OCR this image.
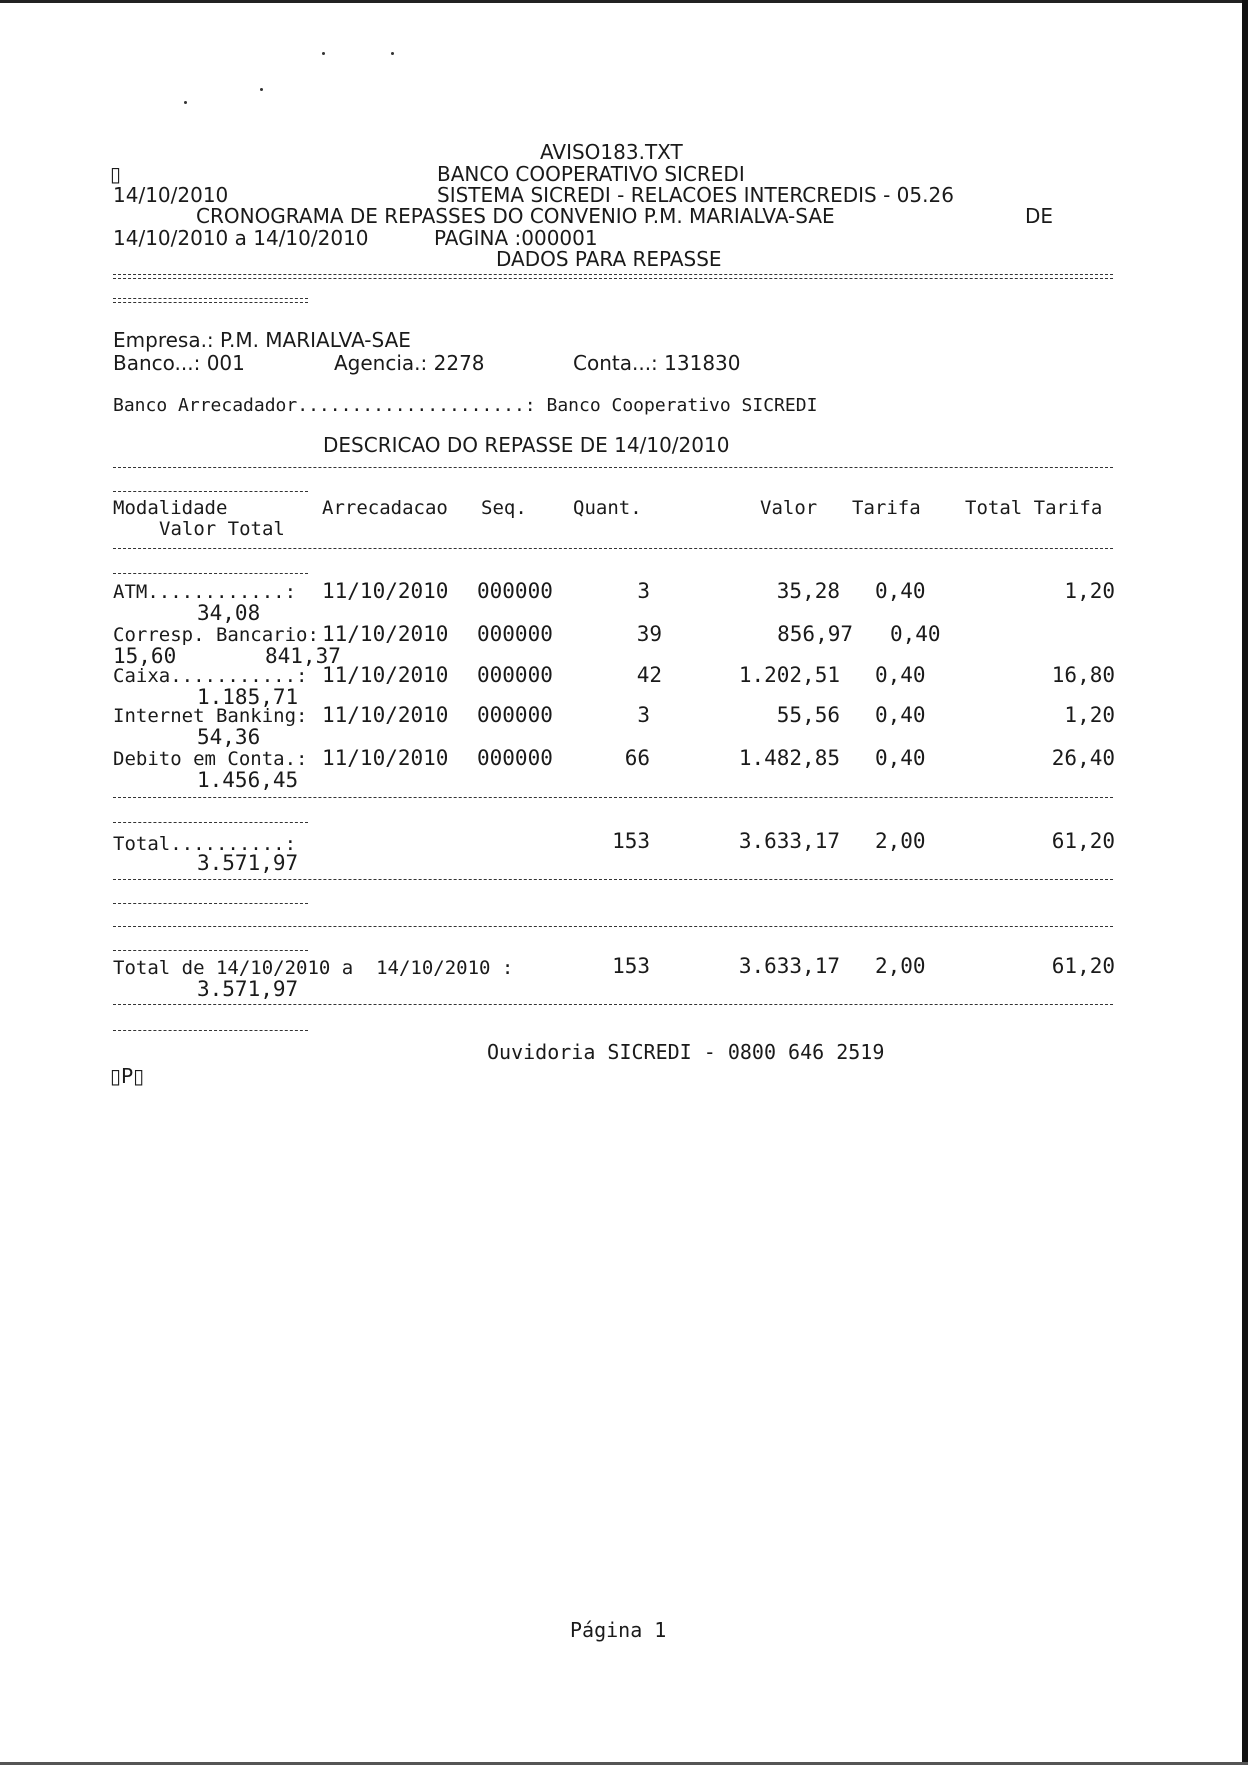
AVISO183.TXT
▯	BANCO COOPERATIVO SICREDI
14/10/2010	SISTEMA SICREDI - RELACOES INTERCREDIS - 05.26
CRONOGRAMA DE REPASSES DO CONVENIO P.M. MARIALVA-SAE	DE
14/10/2010 a 14/10/2010	PAGINA :000001
DADOS PARA REPASSE
Empresa.: P.M. MARIALVA-SAE
Banco...: 001	Agencia.: 2278	Conta...: 131830
Banco Arrecadador.....................: Banco Cooperativo SICREDI
DESCRICAO DO REPASSE DE 14/10/2010
Modalidade	Arrecadacao Seq. Quant.	Valor Tarifa Total Tarifa
Valor Total
ATM............: 11/10/2010 000000	3	35,28 0,40	1,20
34,08
Corresp. Bancario: 11/10/2010 000000	39	856,97 0,40
15,60	841,37
Caixa...........: 11/10/2010 000000	42	1.202,51 0,40	16,80
1.185,71
Internet Banking: 11/10/2010 000000	3	55,56 0,40	1,20
54,36
Debito em Conta.: 11/10/2010 000000	66	1.482,85 0,40	26,40
1.456,45
Total..........:	153	3.633,17 2,00	61,20
3.571,97
Total de 14/10/2010 a  14/10/2010 :	153	3.633,17 2,00	61,20
3.571,97
Ouvidoria SICREDI - 0800 646 2519
▯P▯
Página 1
